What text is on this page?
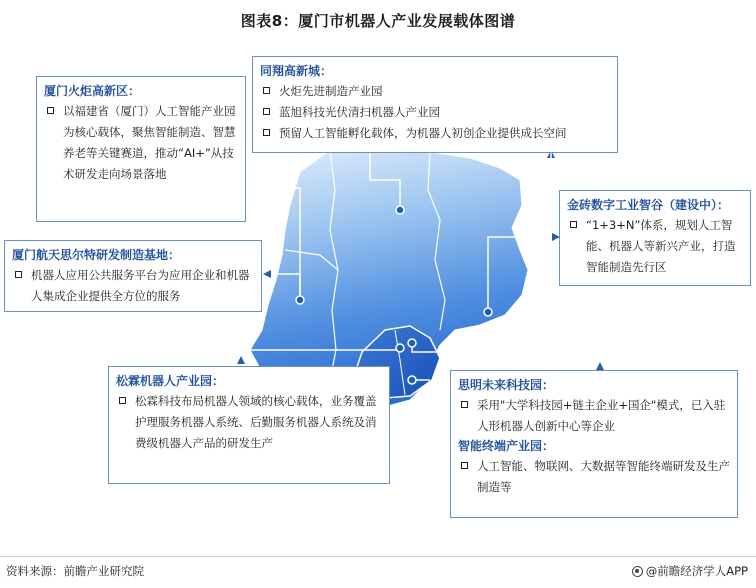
图表8：厦门市机器人产业发展载体图谱
厦门火炬高新区：
以福建省（厦门）人工智能产业园为核心载体，聚焦智能制造、智慧养老等关键赛道，推动“AI+”从技术研发走向场景落地
同翔高新城：
火炬先进制造产业园
蓝旭科技光伏清扫机器人产业园
预留人工智能孵化载体，为机器人初创企业提供成长空间
金砖数字工业智谷（建设中）：
“1+3+N”体系，规划人工智能、机器人等新兴产业，打造智能制造先行区
厦门航天思尔特研发制造基地：
机器人应用公共服务平台为应用企业和机器人集成企业提供全方位的服务
松霖机器人产业园：
松霖科技布局机器人领域的核心载体，业务覆盖护理服务机器人系统、后勤服务机器人系统及消费级机器人产品的研发生产
思明未来科技园：
采用"大学科技园+链主企业+国企"模式，已入驻人形机器人创新中心等企业
智能终端产业园：
人工智能、物联网、大数据等智能终端研发及生产制造等
资料来源：前瞻产业研究院	@前瞻经济学人APP
